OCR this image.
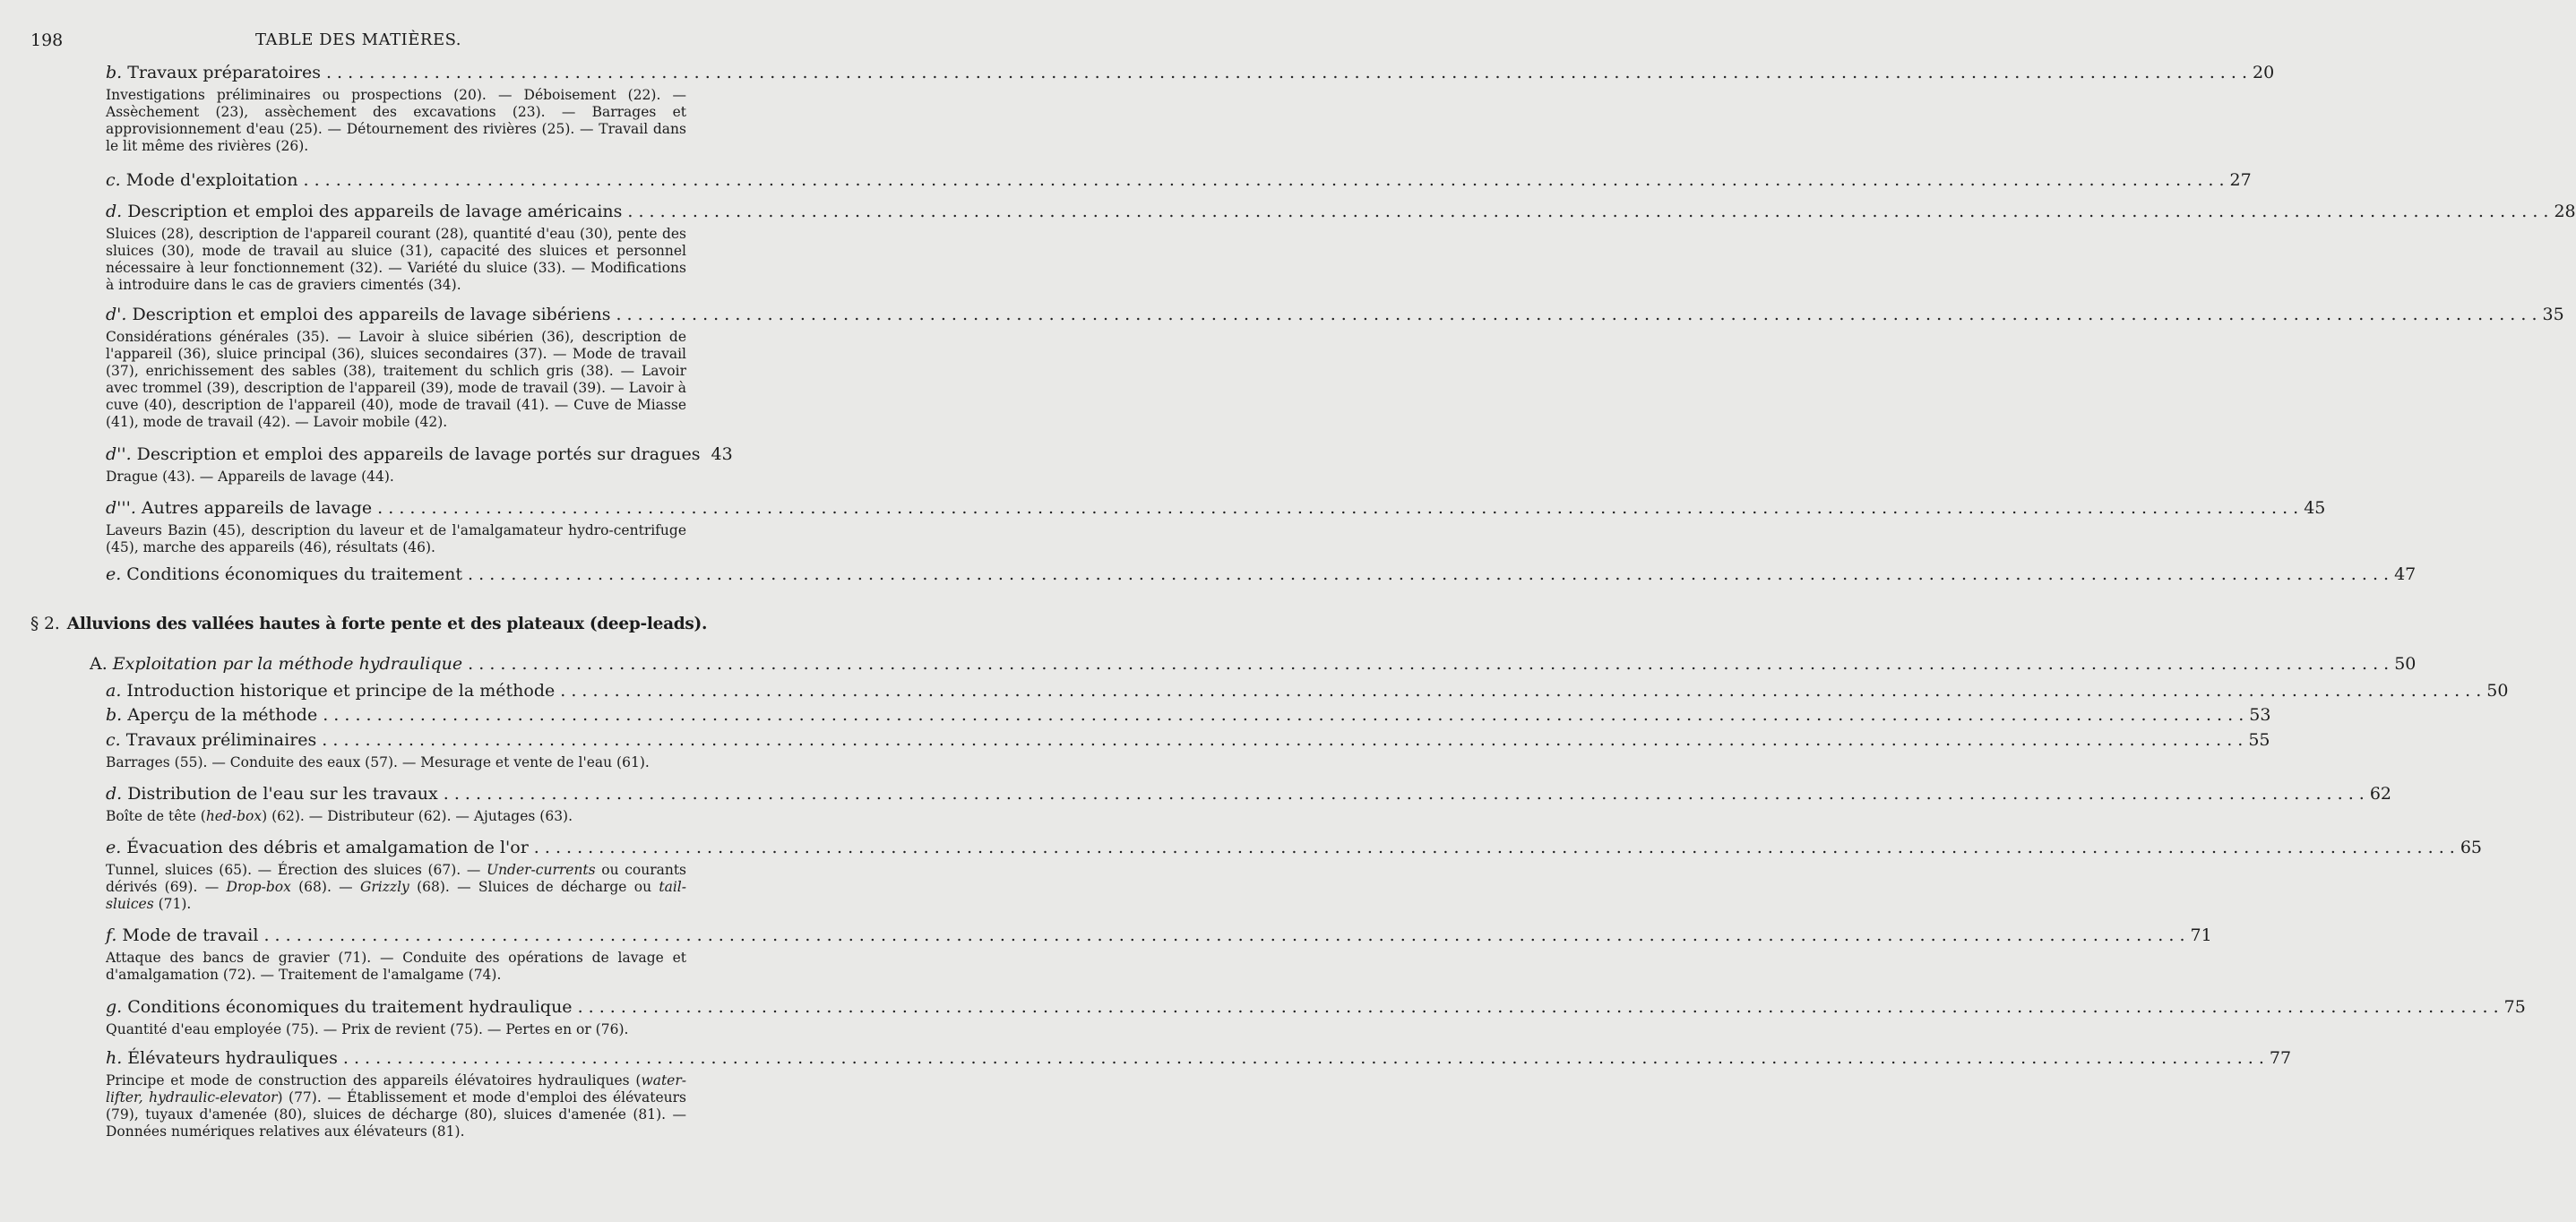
198	TABLE DES MATIÈRES.
b. Travaux préparatoires . . .	20
Investigations préliminaires ou prospections (20). — Déboisement (22). — Assèchement (23), assèchement des excavations (23). — Barrages et approvisionnement d'eau (25). — Détournement des rivières (25). — Travail dans le lit même des rivières (26).
c. Mode d'exploitation . . .	27
d. Description et emploi des appareils de lavage américains . . .	28
Sluices (28), description de l'appareil courant (28), quantité d'eau (30), pente des sluices (30), mode de travail au sluice (31), capacité des sluices et personnel nécessaire à leur fonctionnement (32). — Variété du sluice (33). — Modifications à introduire dans le cas de graviers cimentés (34).
d'. Description et emploi des appareils de lavage sibériens . . .	35
Considérations générales (35). — Lavoir à sluice sibérien (36), description de l'appareil (36), sluice principal (36), sluices secondaires (37). — Mode de travail (37), enrichissement des sables (38), traitement du schlich gris (38). — Lavoir avec trommel (39), description de l'appareil (39), mode de travail (39). — Lavoir à cuve (40), description de l'appareil (40), mode de travail (41). — Cuve de Miasse (41), mode de travail (42). — Lavoir mobile (42).
d''. Description et emploi des appareils de lavage portés sur dragues 43
Drague (43). — Appareils de lavage (44).
d'''. Autres appareils de lavage . . .	45
Laveurs Bazin (45), description du laveur et de l'amalgamateur hydro-centrifuge (45), marche des appareils (46), résultats (46).
e. Conditions économiques du traitement . . .	47
§ 2. Alluvions des vallées hautes à forte pente et des plateaux (deep-leads).
A. Exploitation par la méthode hydraulique . . .	50
a. Introduction historique et principe de la méthode . . .	50
b. Aperçu de la méthode . . .	53
c. Travaux préliminaires . . .	55
Barrages (55). — Conduite des eaux (57). — Mesurage et vente de l'eau (61).
d. Distribution de l'eau sur les travaux . . .	62
Boîte de tête (hed-box) (62). — Distributeur (62). — Ajutages (63).
e. Évacuation des débris et amalgamation de l'or . . .	65
Tunnel, sluices (65). — Érection des sluices (67). — Under-currents ou courants dérivés (69). — Drop-box (68). — Grizzly (68). — Sluices de décharge ou tail-sluices (71).
f. Mode de travail . . .	71
Attaque des bancs de gravier (71). — Conduite des opérations de lavage et d'amalgamation (72). — Traitement de l'amalgame (74).
g. Conditions économiques du traitement hydraulique . . .	75
Quantité d'eau employée (75). — Prix de revient (75). — Pertes en or (76).
h. Élévateurs hydrauliques . . .	77
Principe et mode de construction des appareils élévatoires hydrauliques (water-lifter, hydraulic-elevator) (77). — Établissement et mode d'emploi des élévateurs (79), tuyaux d'amenée (80), sluices de décharge (80), sluices d'amenée (81). — Données numériques relatives aux élévateurs (81).
